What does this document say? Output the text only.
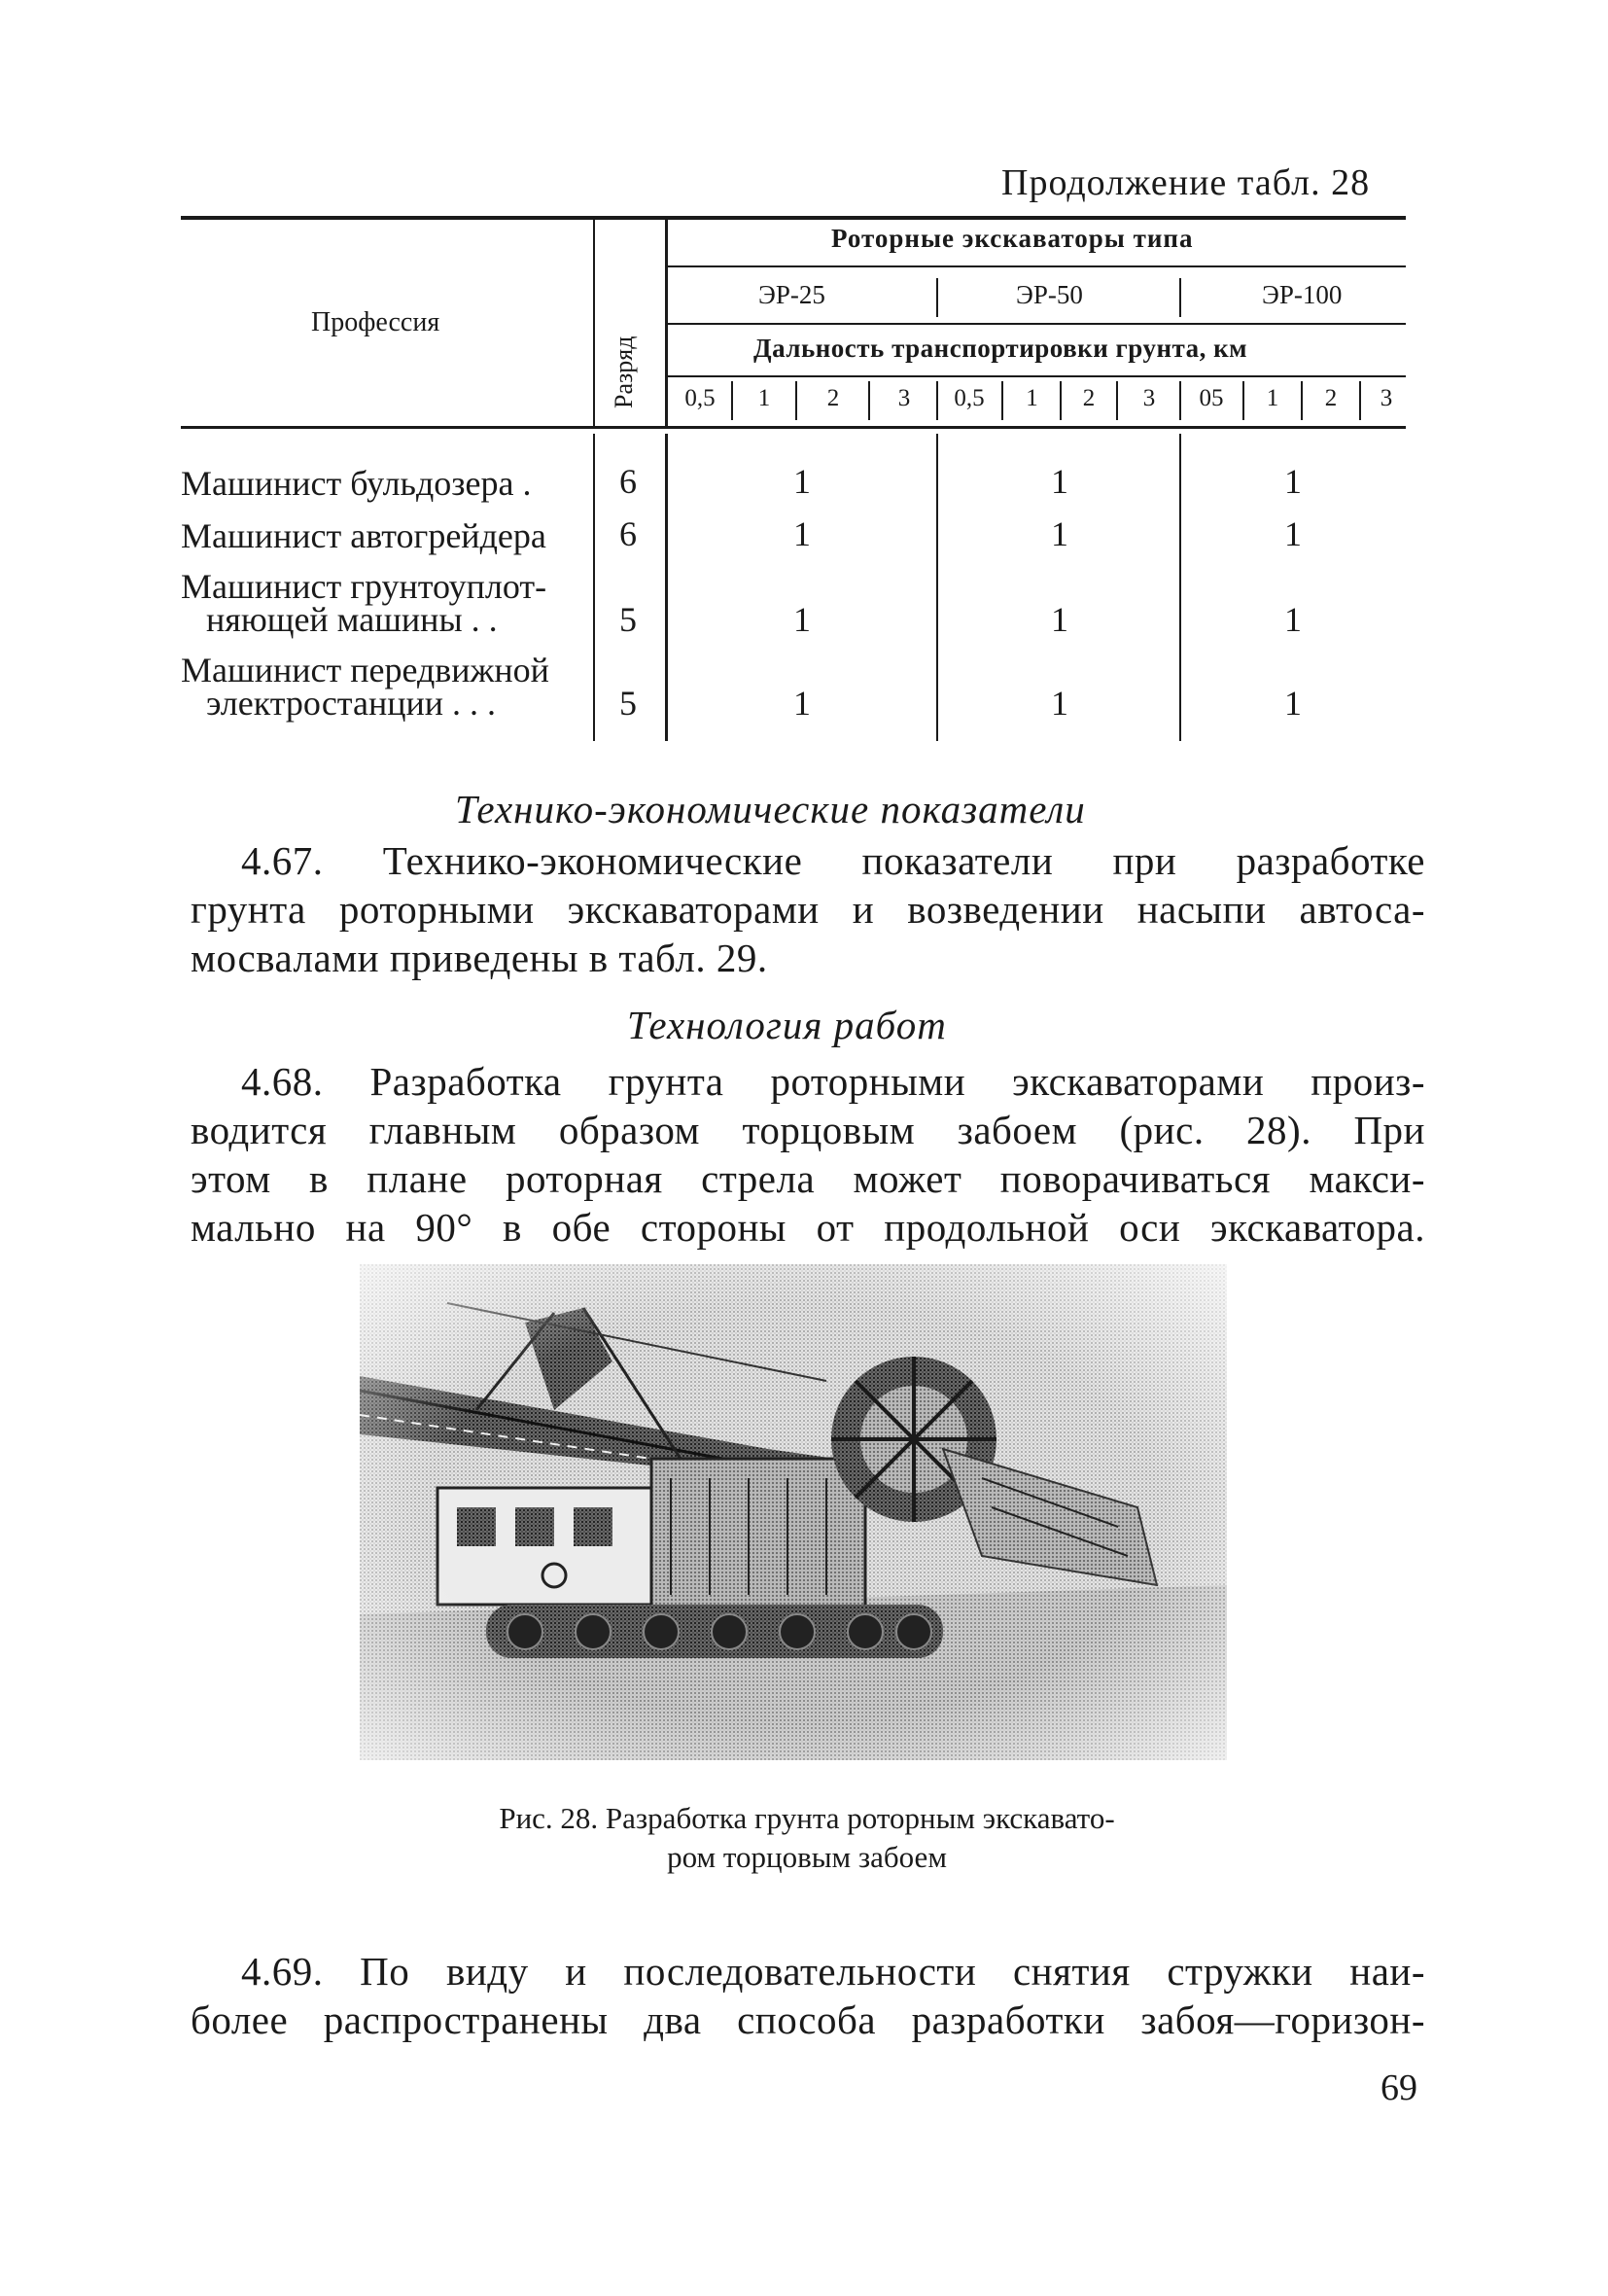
Продолжение табл. 28
Профессия
Разряд
Роторные экскаваторы типа
ЭР-25	ЭР-50	ЭР-100
Дальность транспортировки грунта, км
0,5	1	2	3	0,5	1	2	3	05	1	2	3
Машинист бульдозера .	6	1	1	1
Машинист автогрейдера	6	1	1	1
Машинист грунтоуплот-
няющей машины . .	5	1	1	1
Машинист передвижной
электростанции . . .	5	1	1	1
Технико-экономические показатели
4.67. Технико-экономические показатели при разработке
грунта роторными экскаваторами и возведении насыпи автоса-
мосвалами приведены в табл. 29.
Технология работ
4.68. Разработка грунта роторными экскаваторами произ-
водится главным образом торцовым забоем (рис. 28). При
этом в плане роторная стрела может поворачиваться макси-
мально на 90° в обе стороны от продольной оси экскаватора.
Рис. 28. Разработка грунта роторным экскавато-
ром торцовым забоем
4.69. По виду и последовательности снятия стружки наи-
более распространены два способа разработки забоя—горизон-
69
